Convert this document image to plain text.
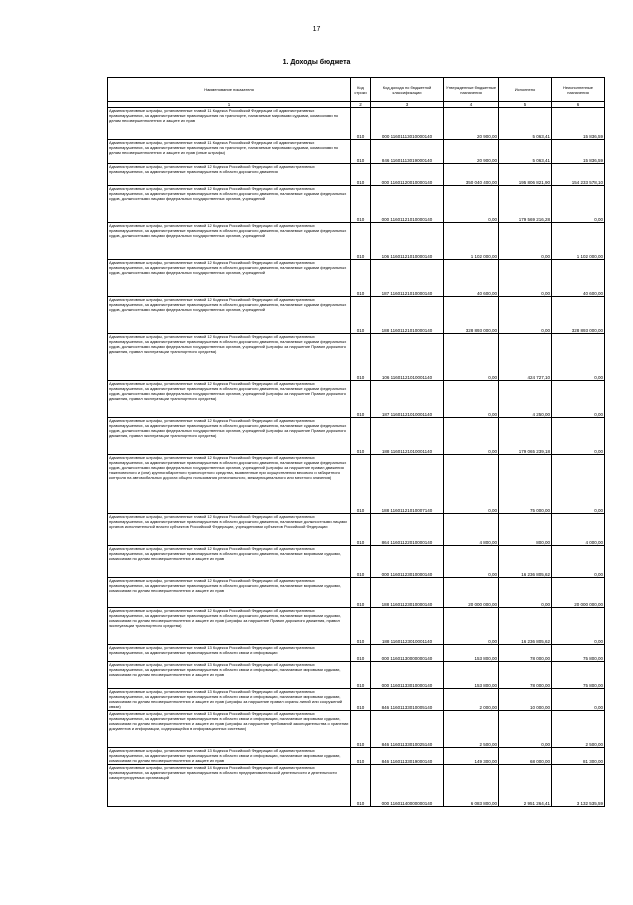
17
1. Доходы бюджета
Наименование показателя	Код строки	Код дохода по бюджетной классификации	Утвержденные бюджетные назначения	Исполнено	Неисполненные назначения
1	2	3	4	5	6
Административные штрафы, установленные главой 11 Кодекса Российской Федерации об административных правонарушениях, за административные правонарушения на транспорте, налагаемые мировыми судьями, комиссиями по делам несовершеннолетних и защите их прав	010	000 11601113010000140	20 900,00	5 063,41	15 836,59
Административные штрафы, установленные главой 11 Кодекса Российской Федерации об административных правонарушениях, за административные правонарушения на транспорте, налагаемые мировыми судьями, комиссиями по делам несовершеннолетних и защите их прав (иные штрафы)	010	846 11601113019000140	20 900,00	5 063,41	15 836,59
Административные штрафы, установленные главой 12 Кодекса Российской Федерации об административных правонарушениях, за административные правонарушения в области дорожного движения	010	000 11601120010000140	350 040 400,00	195 806 821,90	154 233 578,10
Административные штрафы, установленные главой 12 Кодекса Российской Федерации об административных правонарушениях, за административные правонарушения в области дорожного движения, налагаемые судьями федеральных судов, должностными лицами федеральных государственных органов, учреждений	010	000 11601121010000140	0,00	179 569 216,28	0,00
Административные штрафы, установленные главой 12 Кодекса Российской Федерации об административных правонарушениях, за административные правонарушения в области дорожного движения, налагаемые судьями федеральных судов, должностными лицами федеральных государственных органов, учреждений	010	106 11601121010000140	1 102 000,00	0,00	1 102 000,00
Административные штрафы, установленные главой 12 Кодекса Российской Федерации об административных правонарушениях, за административные правонарушения в области дорожного движения, налагаемые судьями федеральных судов, должностными лицами федеральных государственных органов, учреждений	010	187 11601121010000140	40 600,00	0,00	40 600,00
Административные штрафы, установленные главой 12 Кодекса Российской Федерации об административных правонарушениях, за административные правонарушения в области дорожного движения, налагаемые судьями федеральных судов, должностными лицами федеральных государственных органов, учреждений	010	188 11601121010000140	328 893 000,00	0,00	328 893 000,00
Административные штрафы, установленные главой 12 Кодекса Российской Федерации об административных правонарушениях, за административные правонарушения в области дорожного движения, налагаемые судьями федеральных судов, должностными лицами федеральных государственных органов, учреждений (штрафы за нарушение Правил дорожного движения, правил эксплуатации транспортного средства)	010	106 11601121010001140	0,00	424 727,10	0,00
Административные штрафы, установленные главой 12 Кодекса Российской Федерации об административных правонарушениях, за административные правонарушения в области дорожного движения, налагаемые судьями федеральных судов, должностными лицами федеральных государственных органов, учреждений (штрафы за нарушение Правил дорожного движения, правил эксплуатации транспортного средства)	010	187 11601121010001140	0,00	4 250,00	0,00
Административные штрафы, установленные главой 12 Кодекса Российской Федерации об административных правонарушениях, за административные правонарушения в области дорожного движения, налагаемые судьями федеральных судов, должностными лицами федеральных государственных органов, учреждений (штрафы за нарушение Правил дорожного движения, правил эксплуатации транспортного средства)	010	188 11601121010001140	0,00	179 065 239,18	0,00
Административные штрафы, установленные главой 12 Кодекса Российской Федерации об административных правонарушениях, за административные правонарушения в области дорожного движения, налагаемые судьями федеральных судов, должностными лицами федеральных государственных органов, учреждений (штрафы за нарушение правил движения тяжеловесного и (или) крупногабаритного транспортного средства, выявленные при осуществлении весового и габаритного контроля на автомобильных дорогах общего пользования регионального, межмуниципального или местного значения)	010	188 11601121010007140	0,00	75 000,00	0,00
Административные штрафы, установленные главой 12 Кодекса Российской Федерации об административных правонарушениях, за административные правонарушения в области дорожного движения, налагаемые должностными лицами органов исполнительной власти субъектов Российской Федерации, учреждениями субъектов Российской Федерации	010	864 11601122010000140	4 800,00	800,00	4 000,00
Административные штрафы, установленные главой 12 Кодекса Российской Федерации об административных правонарушениях, за административные правонарушения в области дорожного движения, налагаемые мировыми судьями, комиссиями по делам несовершеннолетних и защите их прав	010	000 11601123010000140	0,00	16 236 805,62	0,00
Административные штрафы, установленные главой 12 Кодекса Российской Федерации об административных правонарушениях, за административные правонарушения в области дорожного движения, налагаемые мировыми судьями, комиссиями по делам несовершеннолетних и защите их прав	010	188 11601123010000140	20 000 000,00	0,00	20 000 000,00
Административные штрафы, установленные главой 12 Кодекса Российской Федерации об административных правонарушениях, за административные правонарушения в области дорожного движения, налагаемые мировыми судьями, комиссиями по делам несовершеннолетних и защите их прав (штрафы за нарушение Правил дорожного движения, правил эксплуатации транспортного средства)	010	188 11601123010001140	0,00	16 236 805,62	0,00
Административные штрафы, установленные главой 13 Кодекса Российской Федерации об административных правонарушениях, за административные правонарушения в области связи и информации	010	000 11601130000000140	153 800,00	78 000,00	75 800,00
Административные штрафы, установленные главой 13 Кодекса Российской Федерации об административных правонарушениях, за административные правонарушения в области связи и информации, налагаемые мировыми судьями, комиссиями по делам несовершеннолетних и защите их прав	010	000 11601133010000140	153 800,00	78 000,00	75 800,00
Административные штрафы, установленные главой 13 Кодекса Российской Федерации об административных правонарушениях, за административные правонарушения в области связи и информации, налагаемые мировыми судьями, комиссиями по делам несовершеннолетних и защите их прав (штрафы за нарушение правил охраны линий или сооружений связи)	010	846 11601133010005140	2 000,00	10 000,00	0,00
Административные штрафы, установленные главой 13 Кодекса Российской Федерации об административных правонарушениях, за административные правонарушения в области связи и информации, налагаемые мировыми судьями, комиссиями по делам несовершеннолетних и защите их прав (штрафы за нарушение требований законодательства о хранении документов и информации, содержащейся в информационных системах)	010	846 11601133010025140	2 500,00	0,00	2 500,00
Административные штрафы, установленные главой 13 Кодекса Российской Федерации об административных правонарушениях, за административные правонарушения в области связи и информации, налагаемые мировыми судьями, комиссиями по делам несовершеннолетних и защите их прав	010	846 11601133019000140	149 300,00	68 000,00	81 300,00
Административные штрафы, установленные главой 14 Кодекса Российской Федерации об административных правонарушениях, за административные правонарушения в области предпринимательской деятельности и деятельности саморегулируемых организаций	010	000 11601140000000140	6 083 800,00	2 951 264,41	3 132 535,59
